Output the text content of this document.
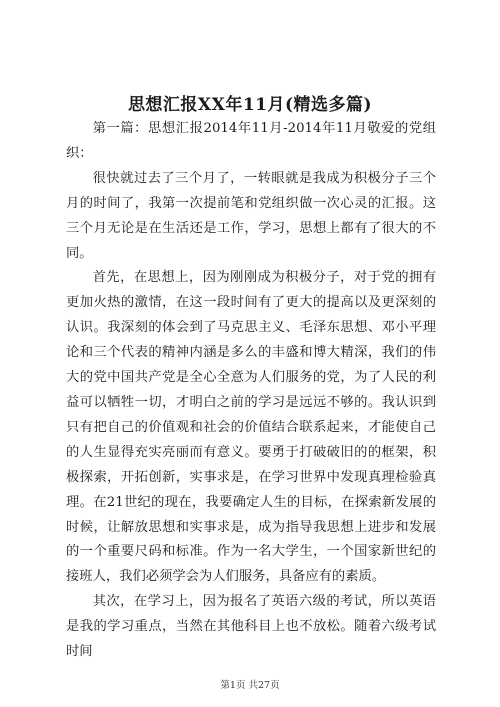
思想汇报XX年11月(精选多篇)

第一篇：思想汇报2014年11月-2014年11月敬爱的党组织：

很快就过去了三个月了，一转眼就是我成为积极分子三个月的时间了，我第一次提前笔和党组织做一次心灵的汇报。这三个月无论是在生活还是工作，学习，思想上都有了很大的不同。

首先，在思想上，因为刚刚成为积极分子，对于党的拥有更加火热的激情，在这一段时间有了更大的提高以及更深刻的认识。我深刻的体会到了马克思主义、毛泽东思想、邓小平理论和三个代表的精神内涵是多么的丰盛和博大精深，我们的伟大的党中国共产党是全心全意为人们服务的党，为了人民的利益可以牺牲一切，才明白之前的学习是远远不够的。我认识到只有把自己的价值观和社会的价值结合联系起来，才能使自己的人生显得充实亮丽而有意义。要勇于打破破旧的的框架，积极探索，开拓创新，实事求是，在学习世界中发现真理检验真理。在21世纪的现在，我要确定人生的目标，在探索新发展的时候，让解放思想和实事求是，成为指导我思想上进步和发展的一个重要尺码和标准。作为一名大学生，一个国家新世纪的接班人，我们必须学会为人们服务，具备应有的素质。

其次，在学习上，因为报名了英语六级的考试，所以英语是我的学习重点，当然在其他科目上也不放松。随着六级考试时间

第1页 共27页
